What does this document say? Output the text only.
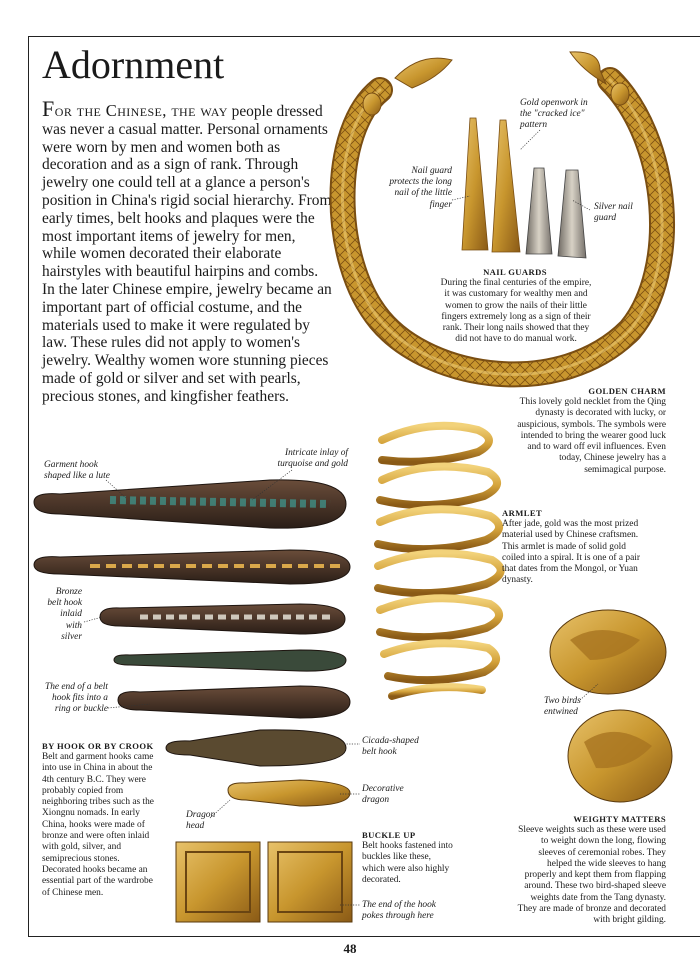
Adornment
For the Chinese, the way people dressed was never a casual matter. Personal ornaments were worn by men and women both as decoration and as a sign of rank. Through jewelry one could tell at a glance a person's position in China's rigid social hierarchy. From early times, belt hooks and plaques were the most important items of jewelry for men, while women decorated their elaborate hairstyles with beautiful hairpins and combs. In the later Chinese empire, jewelry became an important part of official costume, and the materials used to make it were regulated by law. These rules did not apply to women's jewelry. Wealthy women wore stunning pieces made of gold or silver and set with pearls, precious stones, and kingfisher feathers.
Gold openwork in the "cracked ice" pattern
Nail guard protects the long nail of the little finger	Silver nail guard
NAIL GUARDS
During the final centuries of the empire, it was customary for wealthy men and women to grow the nails of their little fingers extremely long as a sign of their rank. Their long nails showed that they did not have to do manual work.
GOLDEN CHARM
This lovely gold necklet from the Qing dynasty is decorated with lucky, or auspicious, symbols. The symbols were intended to bring the wearer good luck and to ward off evil influences. Even today, Chinese jewelry has a semimagical purpose.
Garment hook shaped like a lute
Intricate inlay of turquoise and gold
ARMLET
After jade, gold was the most prized material used by Chinese craftsmen. This armlet is made of solid gold coiled into a spiral. It is one of a pair that dates from the Mongol, or Yuan dynasty.
Bronze belt hook inlaid with silver
The end of a belt hook fits into a ring or buckle
Two birds entwined
BY HOOK OR BY CROOK
Belt and garment hooks came into use in China in about the 4th century B.C. They were probably copied from neighboring tribes such as the Xiongnu nomads. In early China, hooks were made of bronze and were often inlaid with gold, silver, and semiprecious stones. Decorated hooks became an essential part of the wardrobe of Chinese men.
Cicada-shaped belt hook
Decorative dragon
Dragon head
BUCKLE UP
Belt hooks fastened into buckles like these, which were also highly decorated.
The end of the hook pokes through here
WEIGHTY MATTERS
Sleeve weights such as these were used to weight down the long, flowing sleeves of ceremonial robes. They helped the wide sleeves to hang properly and kept them from flapping around. These two bird-shaped sleeve weights date from the Tang dynasty. They are made of bronze and decorated with bright gilding.
48
